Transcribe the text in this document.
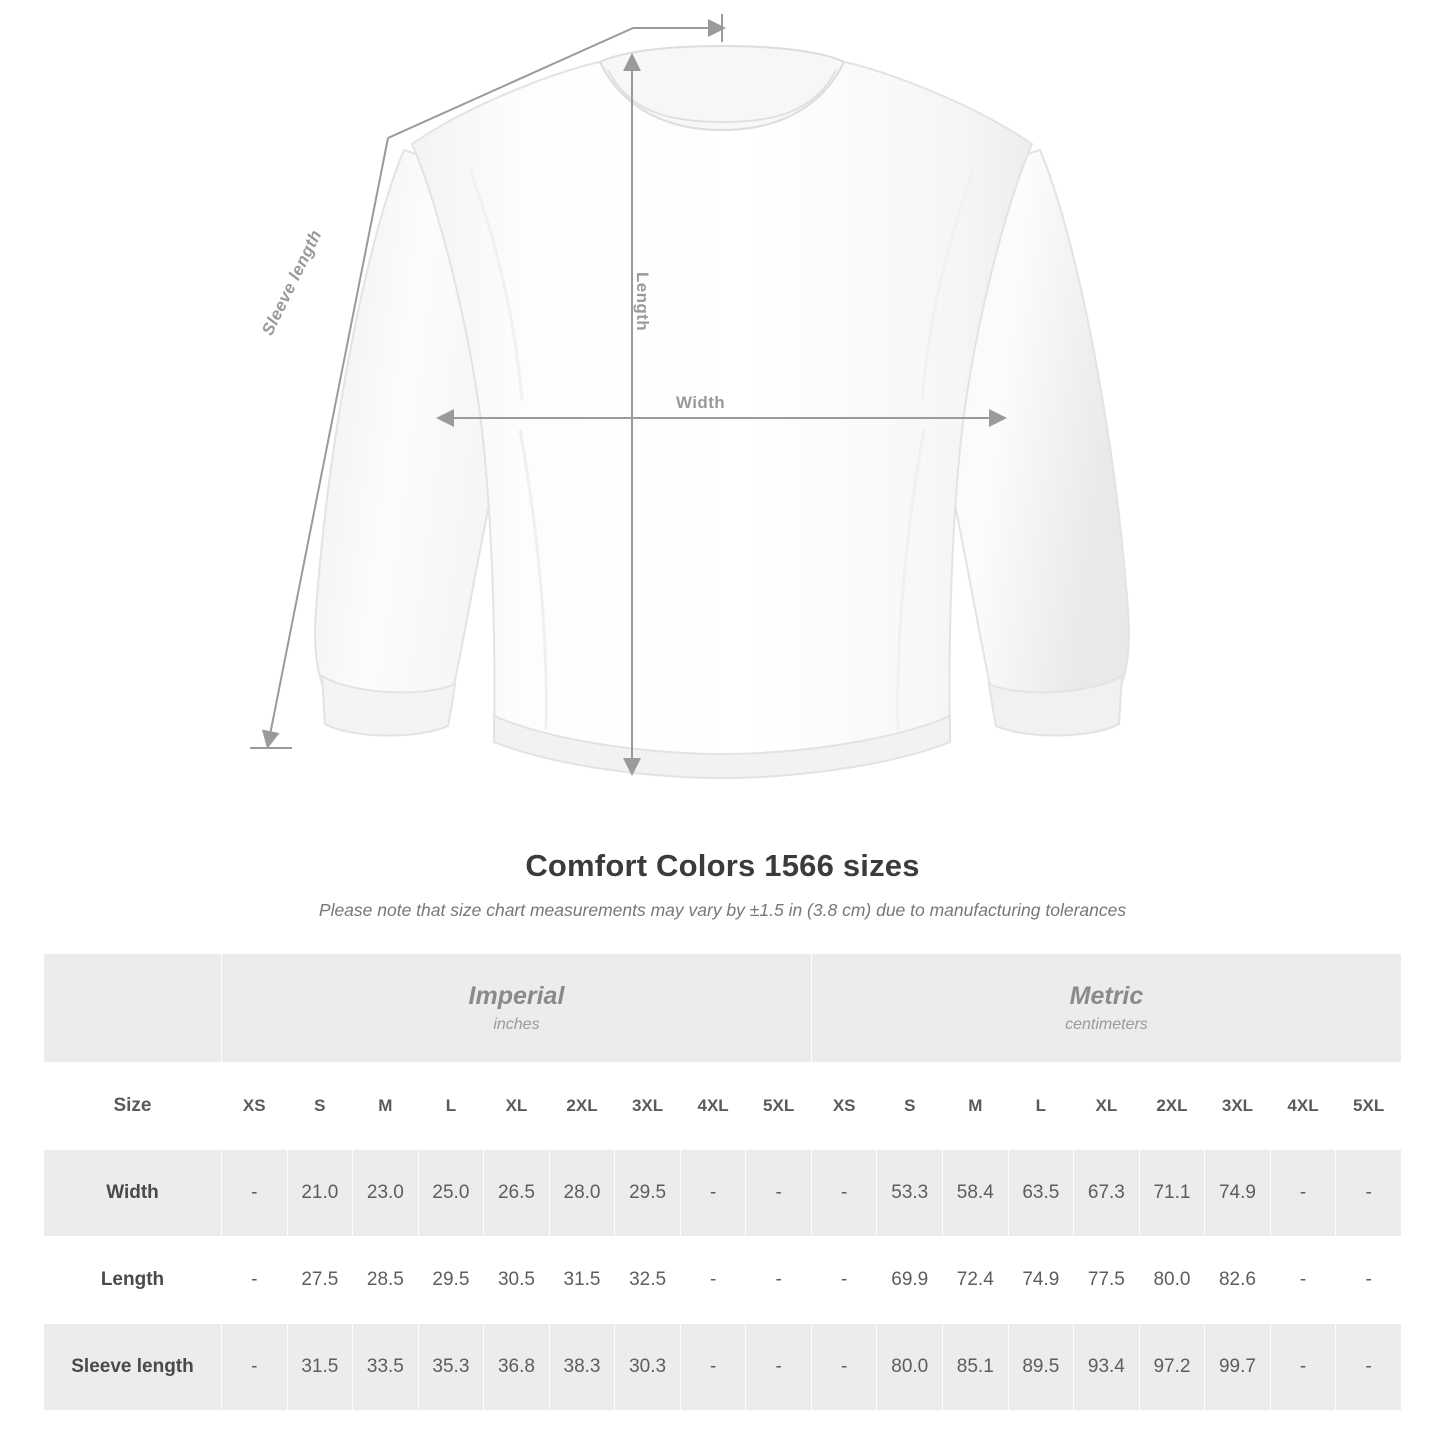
Width
Length
Sleeve length
Comfort Colors 1566 sizes
Please note that size chart measurements may vary by ±1.5 in (3.8 cm) due to manufacturing tolerances

Imperial
inches

Metric
centimeters

Size	XS	S	M	L	XL	2XL	3XL	4XL	5XL	XS	S	M	L	XL	2XL	3XL	4XL	5XL
Width	-	21.0	23.0	25.0	26.5	28.0	29.5	-	-	-	53.3	58.4	63.5	67.3	71.1	74.9	-	-
Length	-	27.5	28.5	29.5	30.5	31.5	32.5	-	-	-	69.9	72.4	74.9	77.5	80.0	82.6	-	-
Sleeve length	-	31.5	33.5	35.3	36.8	38.3	30.3	-	-	-	80.0	85.1	89.5	93.4	97.2	99.7	-	-
